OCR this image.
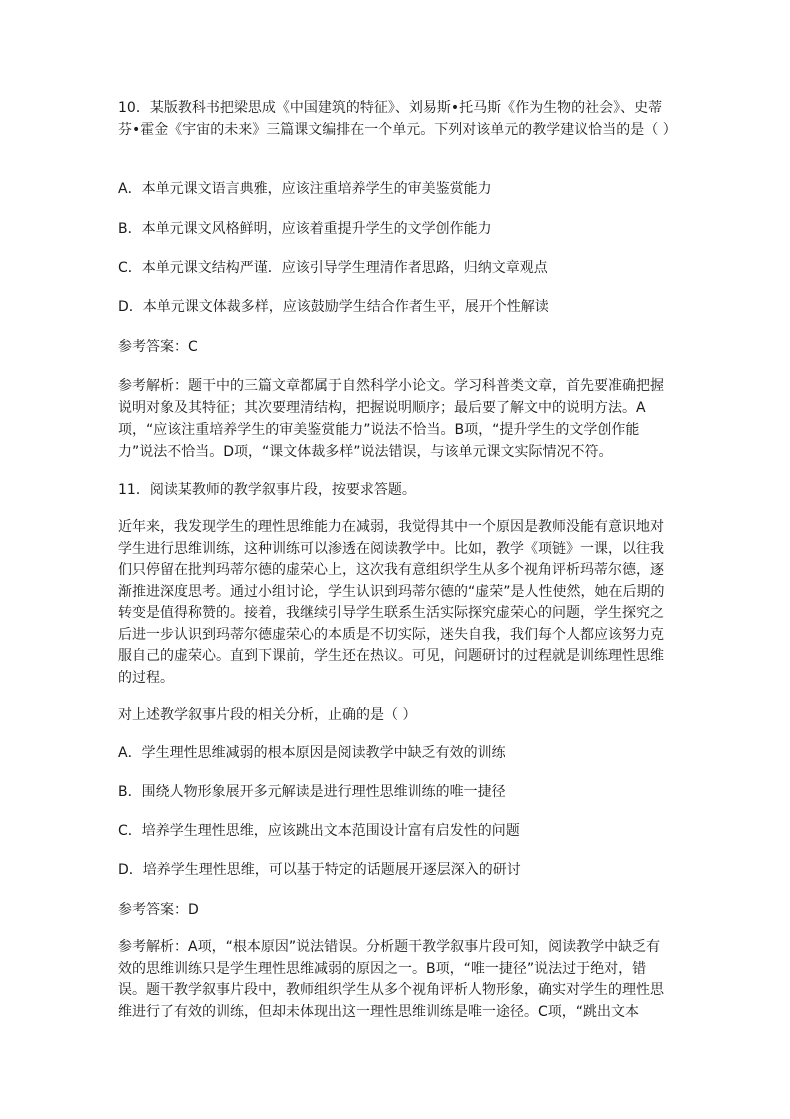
10．某版教科书把梁思成《中国建筑的特征》、刘易斯•托马斯《作为生物的社会》、史蒂芬•霍金《宇宙的未来》三篇课文编排在一个单元。下列对该单元的教学建议恰当的是（ ）

A．本单元课文语言典雅，应该注重培养学生的审美鉴赏能力

B．本单元课文风格鲜明，应该着重提升学生的文学创作能力

C．本单元课文结构严谨．应该引导学生理清作者思路，归纳文章观点

D．本单元课文体裁多样，应该鼓励学生结合作者生平，展开个性解读

参考答案：C

参考解析：题干中的三篇文章都属于自然科学小论文。学习科普类文章，首先要准确把握说明对象及其特征；其次要理清结构，把握说明顺序；最后要了解文中的说明方法。A项，“应该注重培养学生的审美鉴赏能力”说法不恰当。B项，“提升学生的文学创作能力”说法不恰当。D项，“课文体裁多样”说法错误，与该单元课文实际情况不符。

11．阅读某教师的教学叙事片段，按要求答题。

近年来，我发现学生的理性思维能力在减弱，我觉得其中一个原因是教师没能有意识地对学生进行思维训练，这种训练可以渗透在阅读教学中。比如，教学《项链》一课，以往我们只停留在批判玛蒂尔德的虚荣心上，这次我有意组织学生从多个视角评析玛蒂尔德，逐渐推进深度思考。通过小组讨论，学生认识到玛蒂尔德的“虚荣”是人性使然，她在后期的转变是值得称赞的。接着，我继续引导学生联系生活实际探究虚荣心的问题，学生探究之后进一步认识到玛蒂尔德虚荣心的本质是不切实际，迷失自我，我们每个人都应该努力克服自己的虚荣心。直到下课前，学生还在热议。可见，问题研讨的过程就是训练理性思维的过程。

对上述教学叙事片段的相关分析，止确的是（ ）

A．学生理性思维减弱的根本原因是阅读教学中缺乏有效的训练

B．围绕人物形象展开多元解读是进行理性思维训练的唯一捷径

C．培养学生理性思维，应该跳出文本范围设计富有启发性的问题

D．培养学生理性思维，可以基于特定的话题展开逐层深入的研讨

参考答案：D

参考解析：A项，“根本原因”说法错误。分析题干教学叙事片段可知，阅读教学中缺乏有效的思维训练只是学生理性思维减弱的原因之一。B项，“唯一捷径”说法过于绝对，错误。题干教学叙事片段中，教师组织学生从多个视角评析人物形象，确实对学生的理性思维进行了有效的训练，但却未体现出这一理性思维训练是唯一途径。C项，“跳出文本
